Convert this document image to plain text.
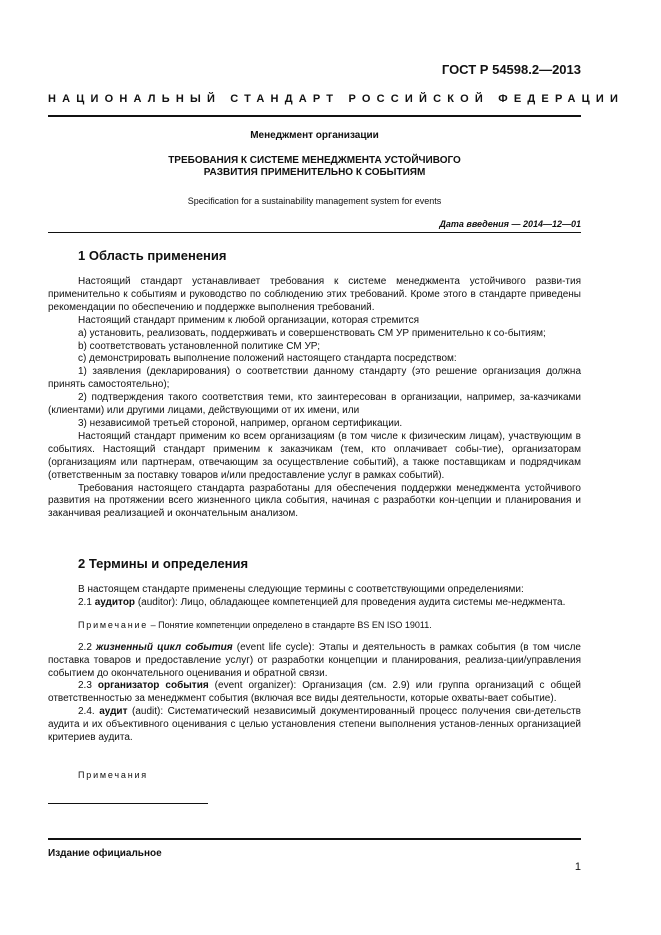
ГОСТ Р 54598.2—2013
НАЦИОНАЛЬНЫЙ СТАНДАРТ РОССИЙСКОЙ ФЕДЕРАЦИИ
Менеджмент организации
ТРЕБОВАНИЯ К СИСТЕМЕ МЕНЕДЖМЕНТА УСТОЙЧИВОГО
РАЗВИТИЯ ПРИМЕНИТЕЛЬНО К СОБЫТИЯМ
Specification for a sustainability management system for events
Дата введения — 2014—12—01
1 Область применения

Настоящий стандарт устанавливает требования к системе менеджмента устойчивого разви-тия применительно к событиям и руководство по соблюдению этих требований. Кроме этого в стандарте приведены рекомендации по обеспечению и поддержке выполнения требований.

Настоящий стандарт применим к любой организации, которая стремится

a) установить, реализовать, поддерживать и совершенствовать СМ УР применительно к со-бытиям;

b) соответствовать установленной политике СМ УР;

c) демонстрировать выполнение положений настоящего стандарта посредством:

1) заявления (декларирования) о соответствии данному стандарту (это решение организация должна принять самостоятельно);

2) подтверждения такого соответствия теми, кто заинтересован в организации, например, за-казчиками (клиентами) или другими лицами, действующими от их имени, или

3) независимой третьей стороной, например, органом сертификации.

Настоящий стандарт применим ко всем организациям (в том числе к физическим лицам), участвующим в событиях. Настоящий стандарт применим к заказчикам (тем, кто оплачивает собы-тие), организаторам (организациям или партнерам, отвечающим за осуществление событий), а также поставщикам и подрядчикам (ответственным за поставку товаров и/или предоставление услуг в рамках событий).

Требования настоящего стандарта разработаны для обеспечения поддержки менеджмента устойчивого развития на протяжении всего жизненного цикла события, начиная с разработки кон-цепции и планирования и заканчивая реализацией и окончательным анализом.

2 Термины и определения

В настоящем стандарте применены следующие термины с соответствующими определениями:

2.1 аудитор (auditor): Лицо, обладающее компетенцией для проведения аудита системы ме-неджмента.

Примечание – Понятие компетенции определено в стандарте BS EN ISO 19011.

2.2 жизненный цикл события (event life cycle): Этапы и деятельность в рамках события (в том числе поставка товаров и предоставление услуг) от разработки концепции и планирования, реализа-ции/управления событием до окончательного оценивания и обратной связи.

2.3 организатор события (event organizer): Организация (см. 2.9) или группа организаций с общей ответственностью за менеджмент события (включая все виды деятельности, которые охваты-вает событие).

2.4. аудит (audit): Систематический независимый документированный процесс получения сви-детельств аудита и их объективного оценивания с целью установления степени выполнения установ-ленных организацией критериев аудита.

Примечания
Издание официальное
1
